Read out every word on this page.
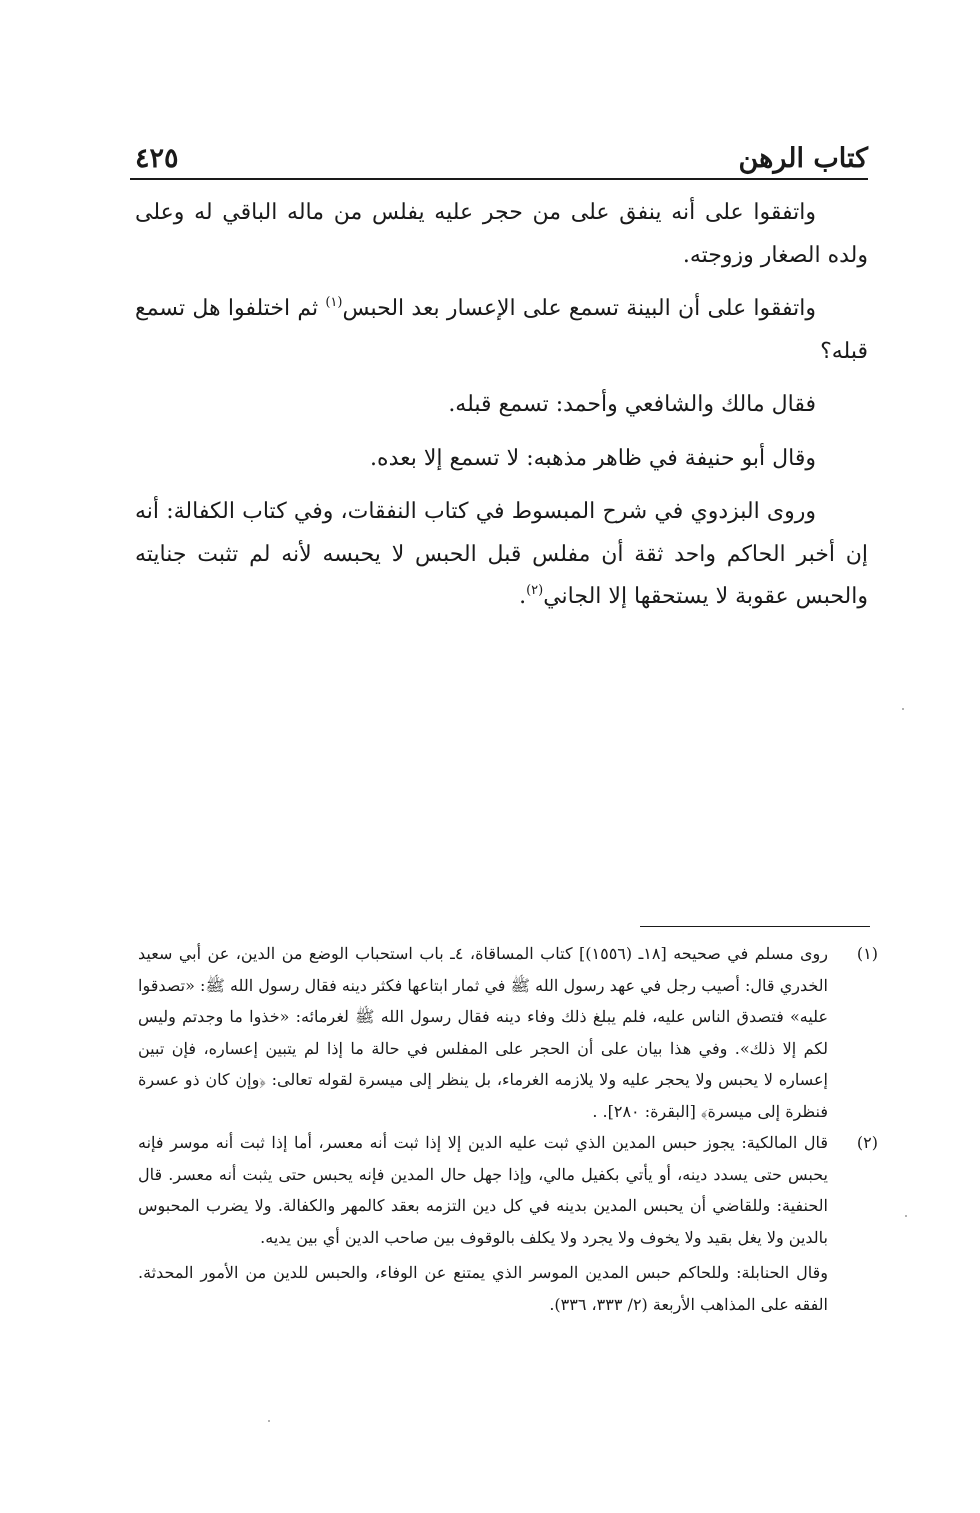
كتاب الرهن
٤٢٥

واتفقوا على أنه ينفق على من حجر عليه يفلس من ماله الباقي له وعلى ولده الصغار وزوجته.

واتفقوا على أن البينة تسمع على الإعسار بعد الحبس$^{(١)}$ ثم اختلفوا هل تسمع قبله؟

فقال مالك والشافعي وأحمد: تسمع قبله.

وقال أبو حنيفة في ظاهر مذهبه: لا تسمع إلا بعده.

وروى البزدوي في شرح المبسوط في كتاب النفقات، وفي كتاب الكفالة: أنه إن أخبر الحاكم واحد ثقة أن مفلس قبل الحبس لا يحبسه لأنه لم تثبت جنايته والحبس عقوبة لا يستحقها إلا الجاني$^{(٢)}$.

(١)
روى مسلم في صحيحه [١٨ـ (١٥٥٦)] كتاب المساقاة، ٤ـ باب استحباب الوضع من الدين، عن أبي سعيد الخدري قال: أصيب رجل في عهد رسول الله ﷺ في ثمار ابتاعها فكثر دينه فقال رسول الله ﷺ: «تصدقوا عليه» فتصدق الناس عليه، فلم يبلغ ذلك وفاء دينه فقال رسول الله ﷺ لغرمائه: «خذوا ما وجدتم وليس لكم إلا ذلك». وفي هذا بيان على أن الحجر على المفلس في حالة ما إذا لم يتبين إعساره، فإن تبين إعساره لا يحبس ولا يحجر عليه ولا يلازمه الغرماء، بل ينظر إلى ميسرة لقوله تعالى: ﴿وإن كان ذو عسرة فنظرة إلى ميسرة﴾ [البقرة: ٢٨٠]. .
(٢)
قال المالكية: يجوز حبس المدين الذي ثبت عليه الدين إلا إذا ثبت أنه معسر، أما إذا ثبت أنه موسر فإنه يحبس حتى يسدد دينه، أو يأتي بكفيل مالي، وإذا جهل حال المدين فإنه يحبس حتى يثبت أنه معسر. قال الحنفية: وللقاضي أن يحبس المدين بدينه في كل دين التزمه بعقد كالمهر والكفالة. ولا يضرب المحبوس بالدين ولا يغل بقيد ولا يخوف ولا يجرد ولا يكلف بالوقوف بين صاحب الدين أي بين يديه.
وقال الحنابلة: وللحاكم حبس المدين الموسر الذي يمتنع عن الوفاء، والحبس للدين من الأمور المحدثة. الفقه على المذاهب الأربعة (٢/ ٣٣٣، ٣٣٦).
